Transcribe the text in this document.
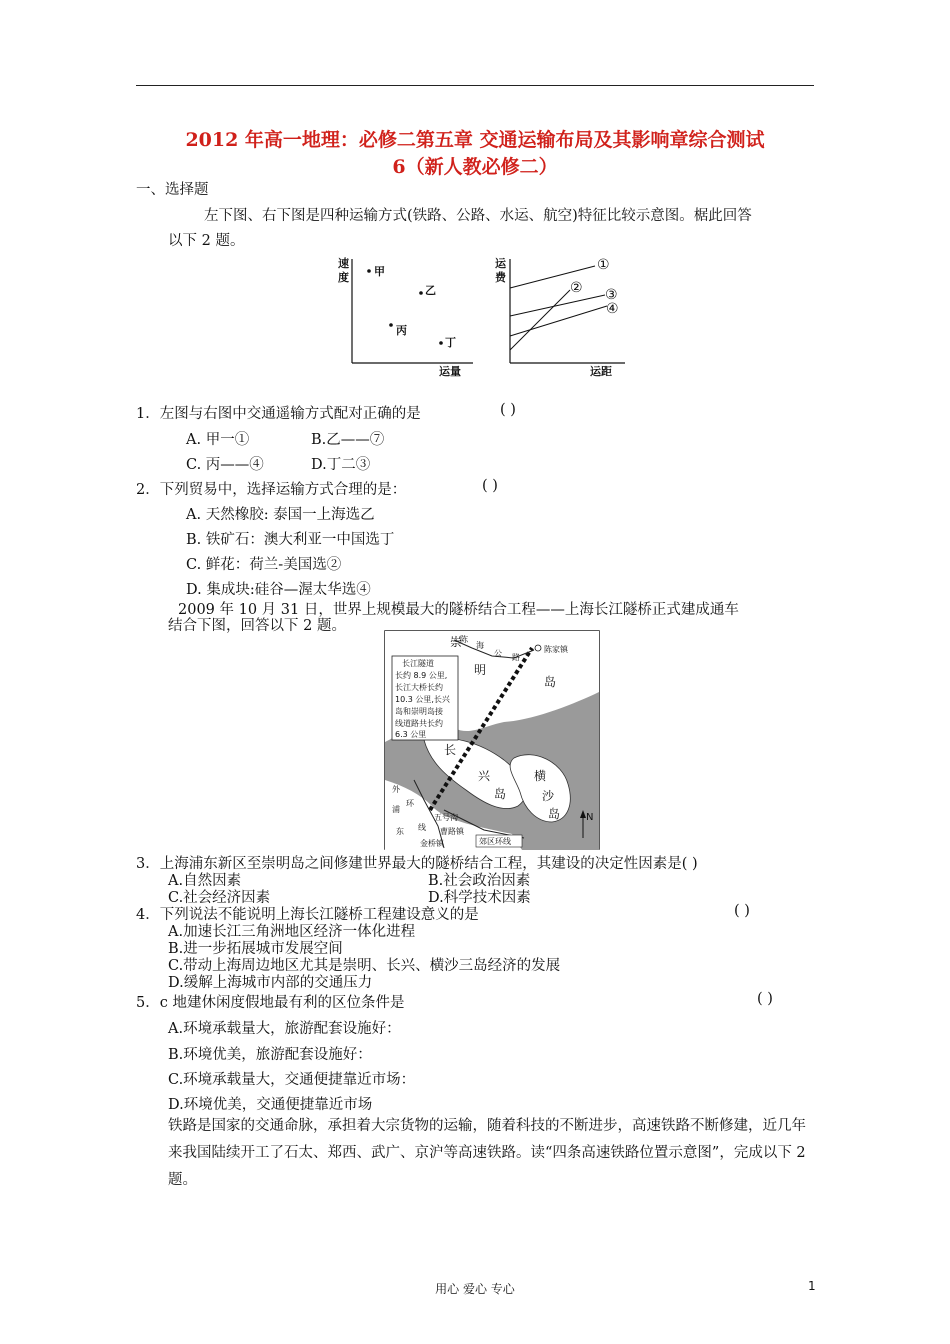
2012 年高一地理：必修二第五章 交通运输布局及其影响章综合测试
6（新人教必修二）
一、选择题
左下图、右下图是四种运输方式(铁路、公路、水运、航空)特征比较示意图。椐此回答
以下 2 题。
速
度
运量
甲
乙
丙
丁
运
费
运距
①
② ③
④
1．左图与右图中交通遥输方式配对正确的是	( )
A. 甲一①	B.乙——⑦
C. 丙——④	D.丁二③
2．下列贸易中，选择运输方式合理的是：	( )
A. 天然橡胶: 泰国一上海选乙
B. 铁矿石：澳大利亚一中国选丁
C. 鲜花：荷兰-美国选②
D. 集成块:硅谷—渥太华选④
2009 年 10 月 31 日，世界上规模最大的隧桥结合工程——上海长江隧桥正式建成通车
结合下图，回答以下 2 题。
长江隧道
长约 8.9 公里,
长江大桥长约
10.3 公里,长兴
岛和崇明岛接
线道路共长约
6.3 公里
崇
明
岛
长
兴
岛
横
沙
岛
陈
海
公 路
陈家镇
外
环
线
浦
东
五号沟
曹路镇
金桥镇	郊区环线
N
3．上海浦东新区至崇明岛之间修建世界最大的隧桥结合工程，其建设的决定性因素是( )
A.自然因素	B.社会政治因素
C.社会经济因素	D.科学技术因素
4．下列说法不能说明上海长江隧桥工程建设意义的是	( )
A.加速长江三角洲地区经济一体化进程
B.进一步拓展城市发展空间
C.带动上海周边地区尤其是崇明、长兴、横沙三岛经济的发展
D.缓解上海城市内部的交通压力
5．c 地建休闲度假地最有利的区位条件是	( )
A.环境承载量大，旅游配套设施好：
B.环境优美，旅游配套设施好：
C.环境承载量大，交通便捷靠近市场：
D.环境优美，交通便捷靠近市场
铁路是国家的交通命脉，承担着大宗货物的运输，随着科技的不断进步，高速铁路不断修建，近几年来我国陆续开工了石太、郑西、武广、京沪等高速铁路。读“四条高速铁路位置示意图”，完成以下 2 题。
用心 爱心 专心	1
